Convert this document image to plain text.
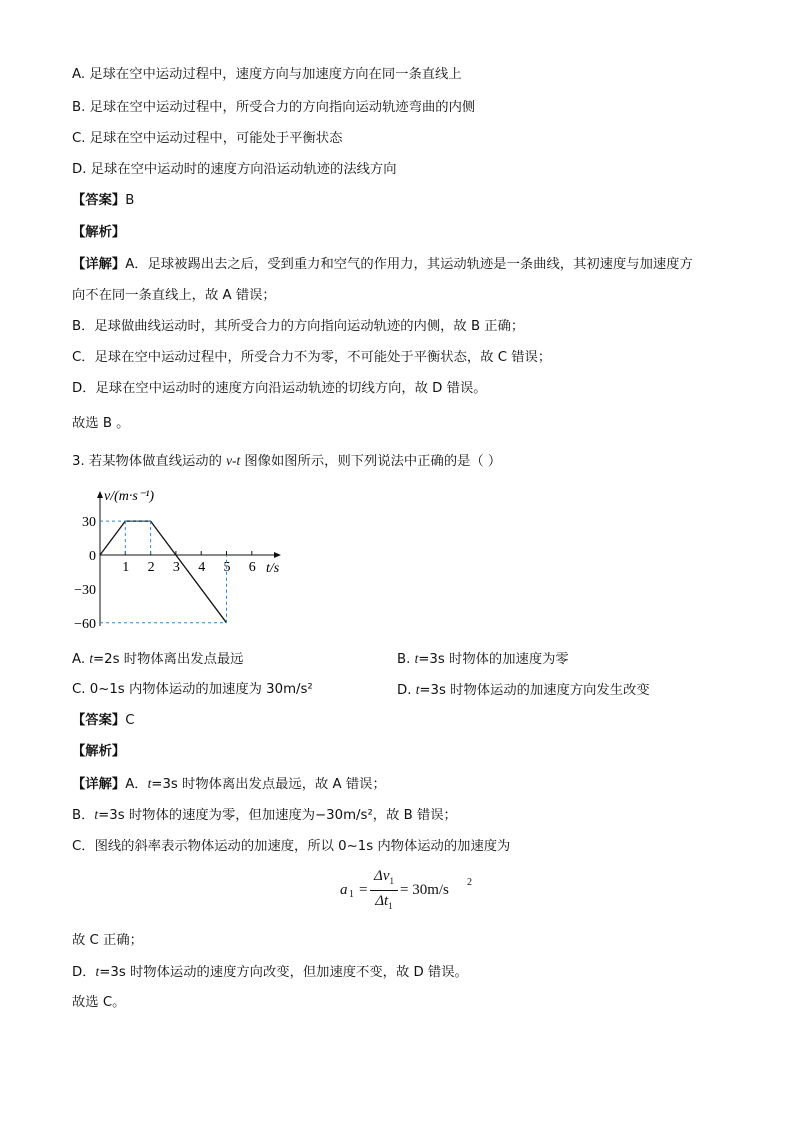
A. 足球在空中运动过程中，速度方向与加速度方向在同一条直线上
B. 足球在空中运动过程中，所受合力的方向指向运动轨迹弯曲的内侧
C. 足球在空中运动过程中，可能处于平衡状态
D. 足球在空中运动时的速度方向沿运动轨迹的法线方向
【答案】B
【解析】
【详解】A．足球被踢出去之后，受到重力和空气的作用力，其运动轨迹是一条曲线，其初速度与加速度方
向不在同一条直线上，故 A 错误；
B．足球做曲线运动时，其所受合力的方向指向运动轨迹的内侧，故 B 正确；
C．足球在空中运动过程中，所受合力不为零，不可能处于平衡状态，故 C 错误；
D．足球在空中运动时的速度方向沿运动轨迹的切线方向，故 D 错误。
故选 B 。
3. 若某物体做直线运动的 v-t 图像如图所示，则下列说法中正确的是（ ）
v/(m·s⁻¹)
t/s
1 2 3 4 5 6
30
0
−30
−60
A. t=2s 时物体离出发点最远	B. t=3s 时物体的加速度为零
C. 0~1s 内物体运动的加速度为 30m/s²	D. t=3s 时物体运动的加速度方向发生改变
【答案】C
【解析】
【详解】A．t=3s 时物体离出发点最远，故 A 错误；
B．t=3s 时物体的速度为零，但加速度为−30m/s²，故 B 错误；
C．图线的斜率表示物体运动的加速度，所以 0~1s 内物体运动的加速度为
a 1 =
$\Delta v_1$
$\Delta t_1$
= 30m/s 2
故 C 正确；
D．t=3s 时物体运动的速度方向改变，但加速度不变，故 D 错误。
故选 C。
